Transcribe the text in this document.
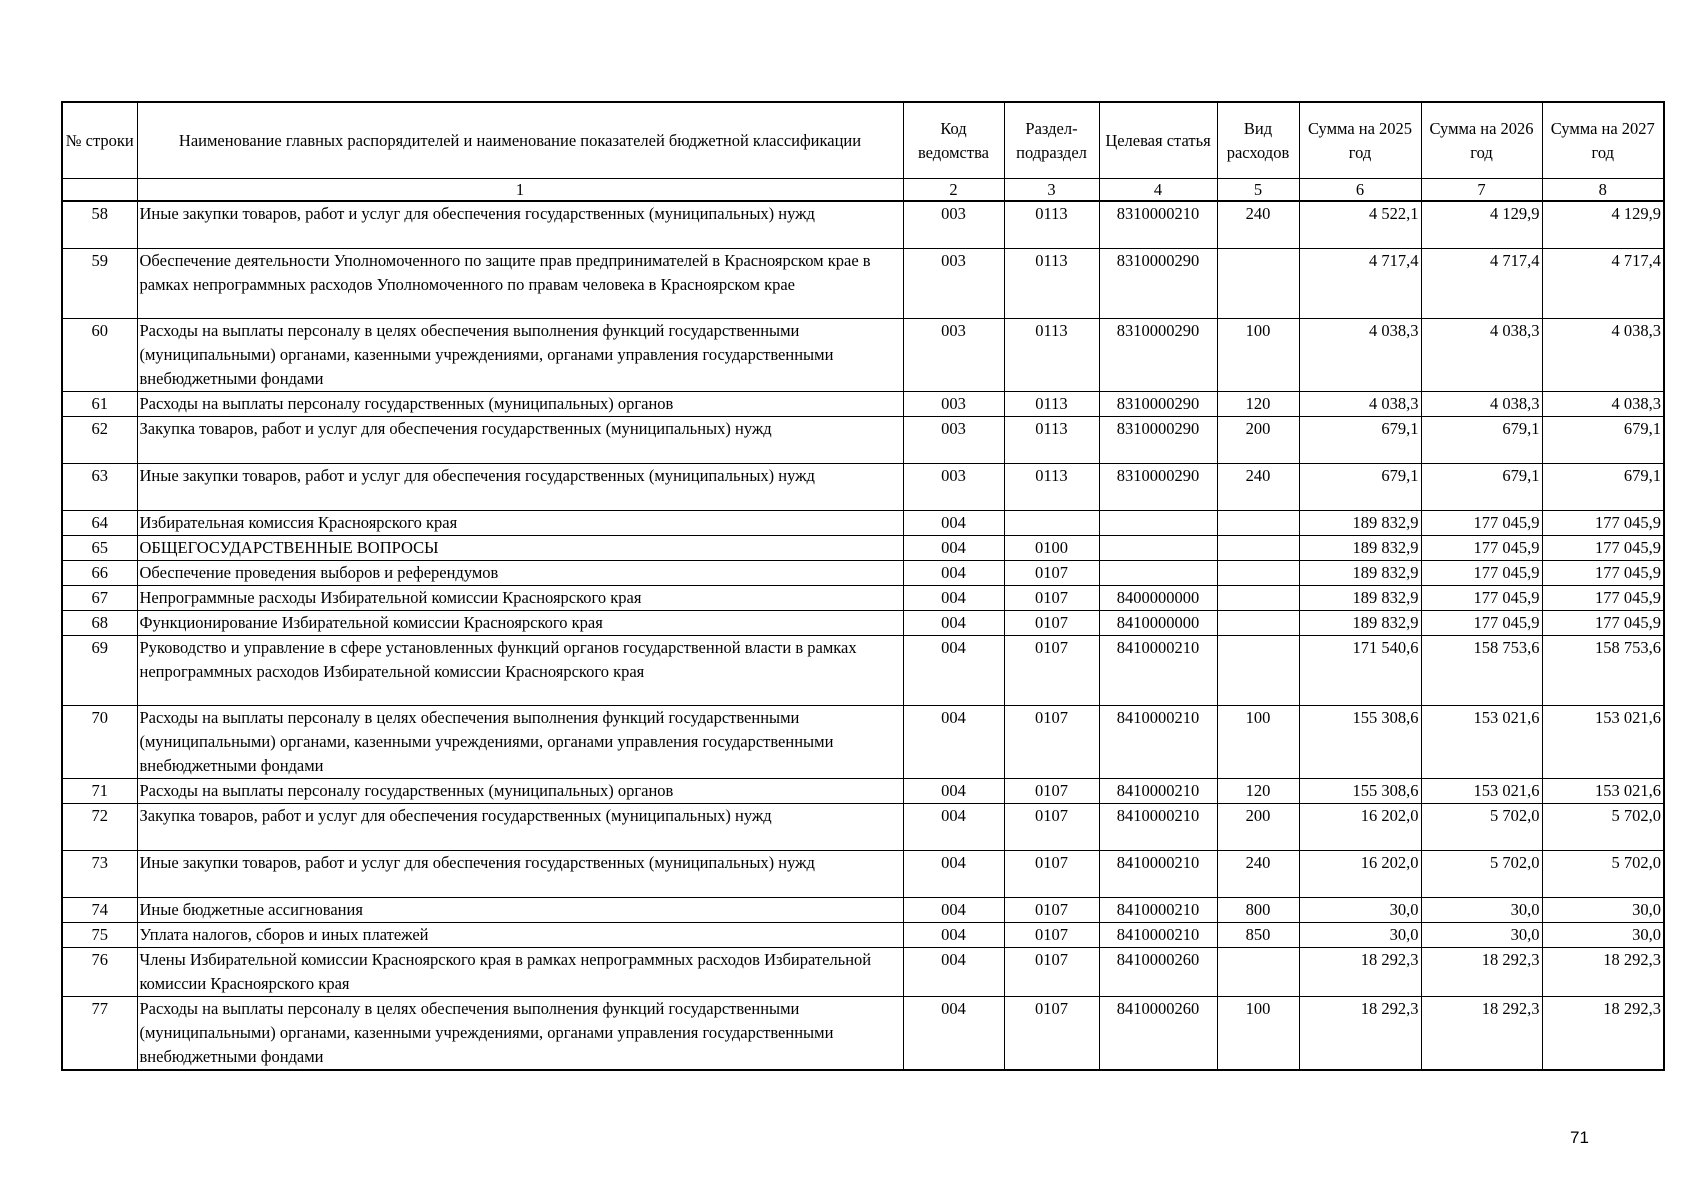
№ строки	Наименование главных распорядителей и наименование показателей бюджетной классификации	Код ведомства	Раздел-подраздел	Целевая статья	Вид расходов	Сумма на 2025 год	Сумма на 2026 год	Сумма на 2027 год
	1	2	3	4	5	6	7	8
58	Иные закупки товаров, работ и услуг для обеспечения государственных (муниципальных) нужд	003	0113	8310000210	240	4 522,1	4 129,9	4 129,9
59	Обеспечение деятельности Уполномоченного по защите прав предпринимателей в Красноярском крае в рамках непрограммных расходов Уполномоченного по правам человека в Красноярском крае	003	0113	8310000290		4 717,4	4 717,4	4 717,4
60	Расходы на выплаты персоналу в целях обеспечения выполнения функций государственными (муниципальными) органами, казенными учреждениями, органами управления государственными внебюджетными фондами	003	0113	8310000290	100	4 038,3	4 038,3	4 038,3
61	Расходы на выплаты персоналу государственных (муниципальных) органов	003	0113	8310000290	120	4 038,3	4 038,3	4 038,3
62	Закупка товаров, работ и услуг для обеспечения государственных (муниципальных) нужд	003	0113	8310000290	200	679,1	679,1	679,1
63	Иные закупки товаров, работ и услуг для обеспечения государственных (муниципальных) нужд	003	0113	8310000290	240	679,1	679,1	679,1
64	Избирательная комиссия Красноярского края	004				189 832,9	177 045,9	177 045,9
65	ОБЩЕГОСУДАРСТВЕННЫЕ ВОПРОСЫ	004	0100			189 832,9	177 045,9	177 045,9
66	Обеспечение проведения выборов и референдумов	004	0107			189 832,9	177 045,9	177 045,9
67	Непрограммные расходы Избирательной комиссии Красноярского края	004	0107	8400000000		189 832,9	177 045,9	177 045,9
68	Функционирование Избирательной комиссии Красноярского края	004	0107	8410000000		189 832,9	177 045,9	177 045,9
69	Руководство и управление в сфере установленных функций органов государственной власти в рамках непрограммных расходов Избирательной комиссии Красноярского края	004	0107	8410000210		171 540,6	158 753,6	158 753,6
70	Расходы на выплаты персоналу в целях обеспечения выполнения функций государственными (муниципальными) органами, казенными учреждениями, органами управления государственными внебюджетными фондами	004	0107	8410000210	100	155 308,6	153 021,6	153 021,6
71	Расходы на выплаты персоналу государственных (муниципальных) органов	004	0107	8410000210	120	155 308,6	153 021,6	153 021,6
72	Закупка товаров, работ и услуг для обеспечения государственных (муниципальных) нужд	004	0107	8410000210	200	16 202,0	5 702,0	5 702,0
73	Иные закупки товаров, работ и услуг для обеспечения государственных (муниципальных) нужд	004	0107	8410000210	240	16 202,0	5 702,0	5 702,0
74	Иные бюджетные ассигнования	004	0107	8410000210	800	30,0	30,0	30,0
75	Уплата налогов, сборов и иных платежей	004	0107	8410000210	850	30,0	30,0	30,0
76	Члены Избирательной комиссии Красноярского края в рамках непрограммных расходов Избирательной комиссии Красноярского края	004	0107	8410000260		18 292,3	18 292,3	18 292,3
77	Расходы на выплаты персоналу в целях обеспечения выполнения функций государственными (муниципальными) органами, казенными учреждениями, органами управления государственными внебюджетными фондами	004	0107	8410000260	100	18 292,3	18 292,3	18 292,3
71
